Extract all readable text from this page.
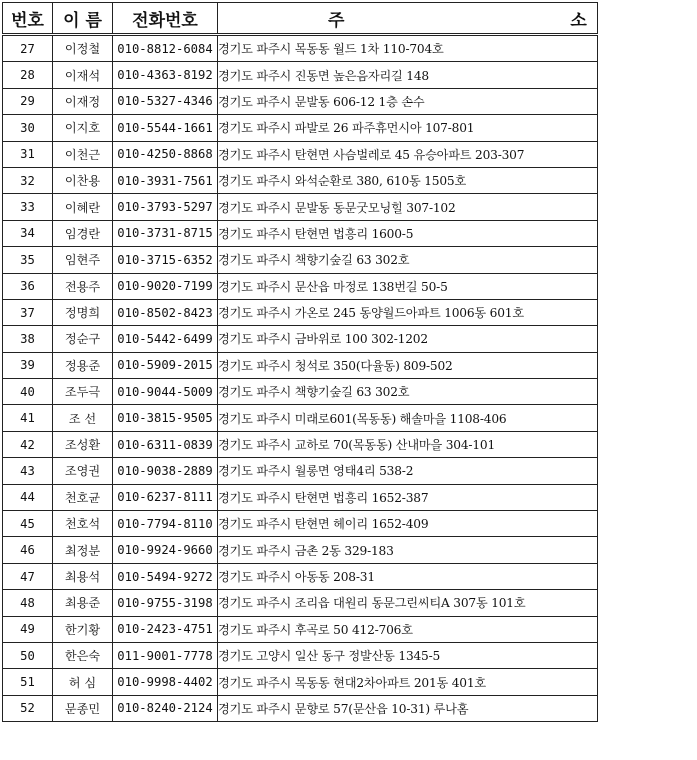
번호	이 름	전화번호	주 소
27	이정철	010-8812-6084	경기도 파주시 목동동 월드 1차 110-704호
28	이재석	010-4363-8192	경기도 파주시 진동면 높은음자리길 148
29	이재정	010-5327-4346	경기도 파주시 문발동 606-12 1층 손수
30	이지호	010-5544-1661	경기도 파주시 파발로 26 파주휴먼시아 107-801
31	이천근	010-4250-8868	경기도 파주시 탄현면 사슴벌레로 45 유승아파트 203-307
32	이찬용	010-3931-7561	경기도 파주시 와석순환로 380, 610동 1505호
33	이혜란	010-3793-5297	경기도 파주시 문발동 동문굿모닝힐 307-102
34	임경란	010-3731-8715	경기도 파주시 탄현면 법흥리 1600-5
35	임현주	010-3715-6352	경기도 파주시 책향기숲길 63 302호
36	전용주	010-9020-7199	경기도 파주시 문산읍 마정로 138번길 50-5
37	정명희	010-8502-8423	경기도 파주시 가온로 245 동양월드아파트 1006동 601호
38	정순구	010-5442-6499	경기도 파주시 금바위로 100 302-1202
39	정용준	010-5909-2015	경기도 파주시 청석로 350(다율동) 809-502
40	조두극	010-9044-5009	경기도 파주시 책향기숲길 63 302호
41	조 선	010-3815-9505	경기도 파주시 미래로601(목동동) 해솔마을 1108-406
42	조성환	010-6311-0839	경기도 파주시 교하로 70(목동동) 산내마을 304-101
43	조영권	010-9038-2889	경기도 파주시 월롱면 영태4리 538-2
44	천호균	010-6237-8111	경기도 파주시 탄현면 법흥리 1652-387
45	천호석	010-7794-8110	경기도 파주시 탄현면 헤이리 1652-409
46	최정분	010-9924-9660	경기도 파주시 금촌 2동 329-183
47	최용석	010-5494-9272	경기도 파주시 아동동 208-31
48	최용준	010-9755-3198	경기도 파주시 조리읍 대원리 동문그린씨티A 307동 101호
49	한기황	010-2423-4751	경기도 파주시 후곡로 50 412-706호
50	한은숙	011-9001-7778	경기도 고양시 일산 동구 정발산동 1345-5
51	허 심	010-9998-4402	경기도 파주시 목동동 현대2차아파트 201동 401호
52	문종민	010-8240-2124	경기도 파주시 문향로 57(문산읍 10-31) 루나홈
